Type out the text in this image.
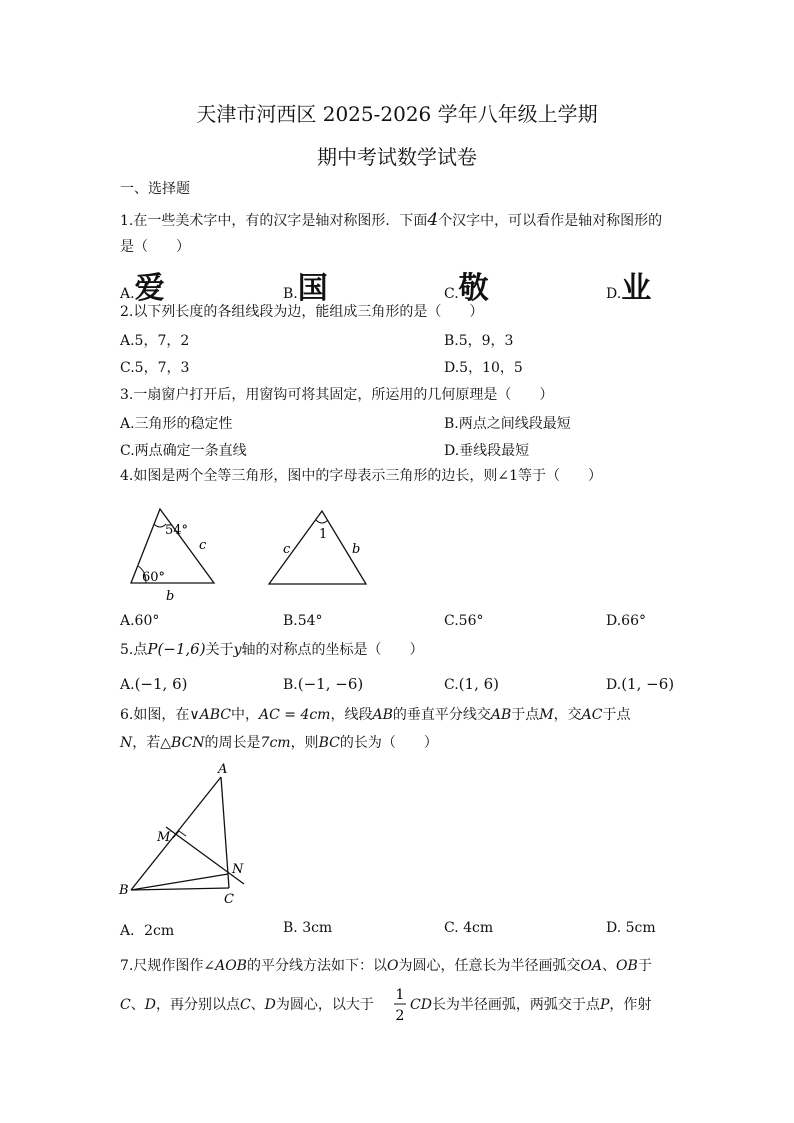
天津市河西区 2025-2026 学年八年级上学期
期中考试数学试卷
一、选择题
1.在一些美术字中，有的汉字是轴对称图形．下面4个汉字中，可以看作是轴对称图形的
是（　　）
A.爱	B.国	C.敬	D.业
2.以下列长度的各组线段为边，能组成三角形的是（　　）
A.5，7，2	B.5，9，3
C.5，7，3	D.5，10，5
3.一扇窗户打开后，用窗钩可将其固定，所运用的几何原理是（　　）
A.三角形的稳定性	B.两点之间线段最短
C.两点确定一条直线	D.垂线段最短
4.如图是两个全等三角形，图中的字母表示三角形的边长，则∠1等于（　　）
54°
60°
c
b
1
c	b
A
M
N
B
C
1
2
A.60°	B.54°	C.56°	D.66°
5.点P(−1,6)关于y轴的对称点的坐标是（　　）
A.(−1, 6)	B.(−1, −6)	C.(1, 6)	D.(1, −6)
6.如图，在∨ABC中，AC = 4cm，线段AB的垂直平分线交AB于点M，交AC于点
N，若△BCN的周长是7cm，则BC的长为（　　）
A．2cm	B. 3cm	C. 4cm	D. 5cm
7.尺规作图作∠AOB的平分线方法如下：以O为圆心，任意长为半径画弧交OA、OB于
C、D，再分别以点C、D为圆心，以大于	CD长为半径画弧，两弧交于点P，作射
